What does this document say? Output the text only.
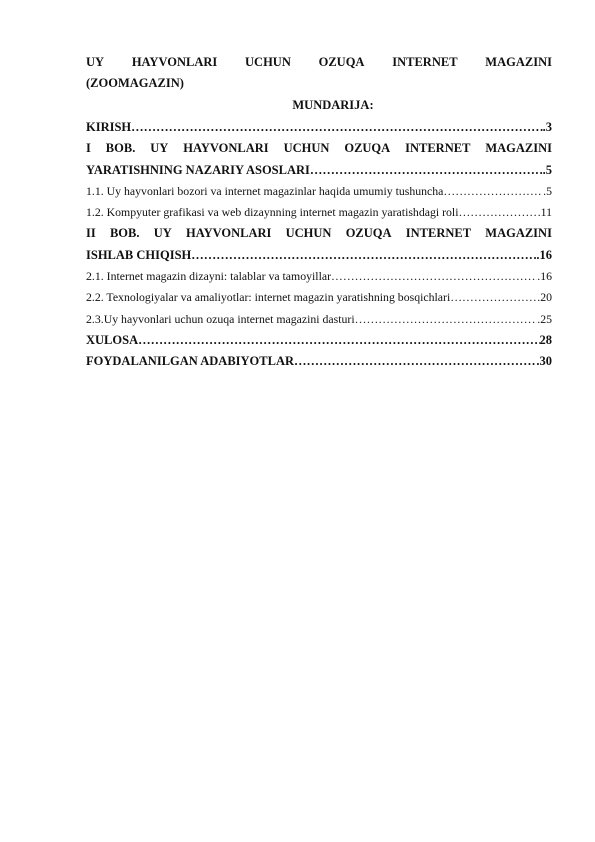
UY HAYVONLARI UCHUN OZUQA INTERNET MAGAZINI
(ZOOMAGAZIN)
MUNDARIJA:
KIRISH ……………………………………………………………………………………………………………………………………………………………	.3
I BOB. UY HAYVONLARI UCHUN OZUQA INTERNET MAGAZINI
YARATISHNING NAZARIY ASOSLARI ……………………………………………………………………………………………………………………………………………………………	.5
1.1. Uy hayvonlari bozori va internet magazinlar haqida umumiy tushuncha ……………………………………………………………………………………………………………………………………………………………	.5
1.2. Kompyuter grafikasi va web dizaynning internet magazin yaratishdagi roli ……………………………………………………………………………………………………………………………………………………………	.11
II BOB. UY HAYVONLARI UCHUN OZUQA INTERNET MAGAZINI
ISHLAB CHIQISH ……………………………………………………………………………………………………………………………………………………………	.16
2.1. Internet magazin dizayni: talablar va tamoyillar ……………………………………………………………………………………………………………………………………………………………	.16
2.2. Texnologiyalar va amaliyotlar: internet magazin yaratishning bosqichlari ……………………………………………………………………………………………………………………………………………………………	.20
2.3.Uy hayvonlari uchun ozuqa internet magazini dasturi ……………………………………………………………………………………………………………………………………………………………	.25
XULOSA ……………………………………………………………………………………………………………………………………………………………	28
FOYDALANILGAN ADABIYOTLAR ……………………………………………………………………………………………………………………………………………………………	.30
